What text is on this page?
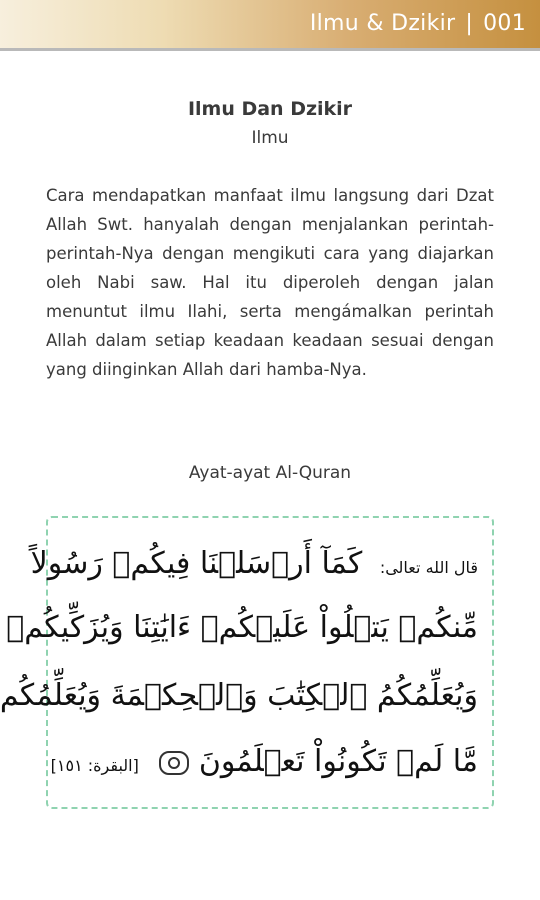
Ilmu & Dzikir | 001
Ilmu Dan Dzikir
Ilmu
Cara mendapatkan manfaat ilmu langsung dari Dzat Allah Swt. hanyalah dengan menjalankan perintah-perintah-Nya dengan mengikuti cara yang diajarkan oleh Nabi saw. Hal itu diperoleh dengan jalan menuntut ilmu Ilahi, serta mengámalkan perintah Allah dalam setiap keadaan keadaan sesuai dengan yang diinginkan Allah dari hamba-Nya.
Ayat-ayat Al-Quran
قال الله تعالى: كَمَآ أَرۡسَلۡنَا فِيكُمۡ رَسُولاً
مِّنكُمۡ يَتۡلُواْ عَلَيۡكُمۡ ءَايَٰتِنَا وَيُزَكِّيكُمۡ
وَيُعَلِّمُكُمُ ٱلۡكِتَٰبَ وَٱلۡحِكۡمَةَ وَيُعَلِّمُكُم
مَّا لَمۡ تَكُونُواْ تَعۡلَمُونَ[البقرة: ١٥١]
